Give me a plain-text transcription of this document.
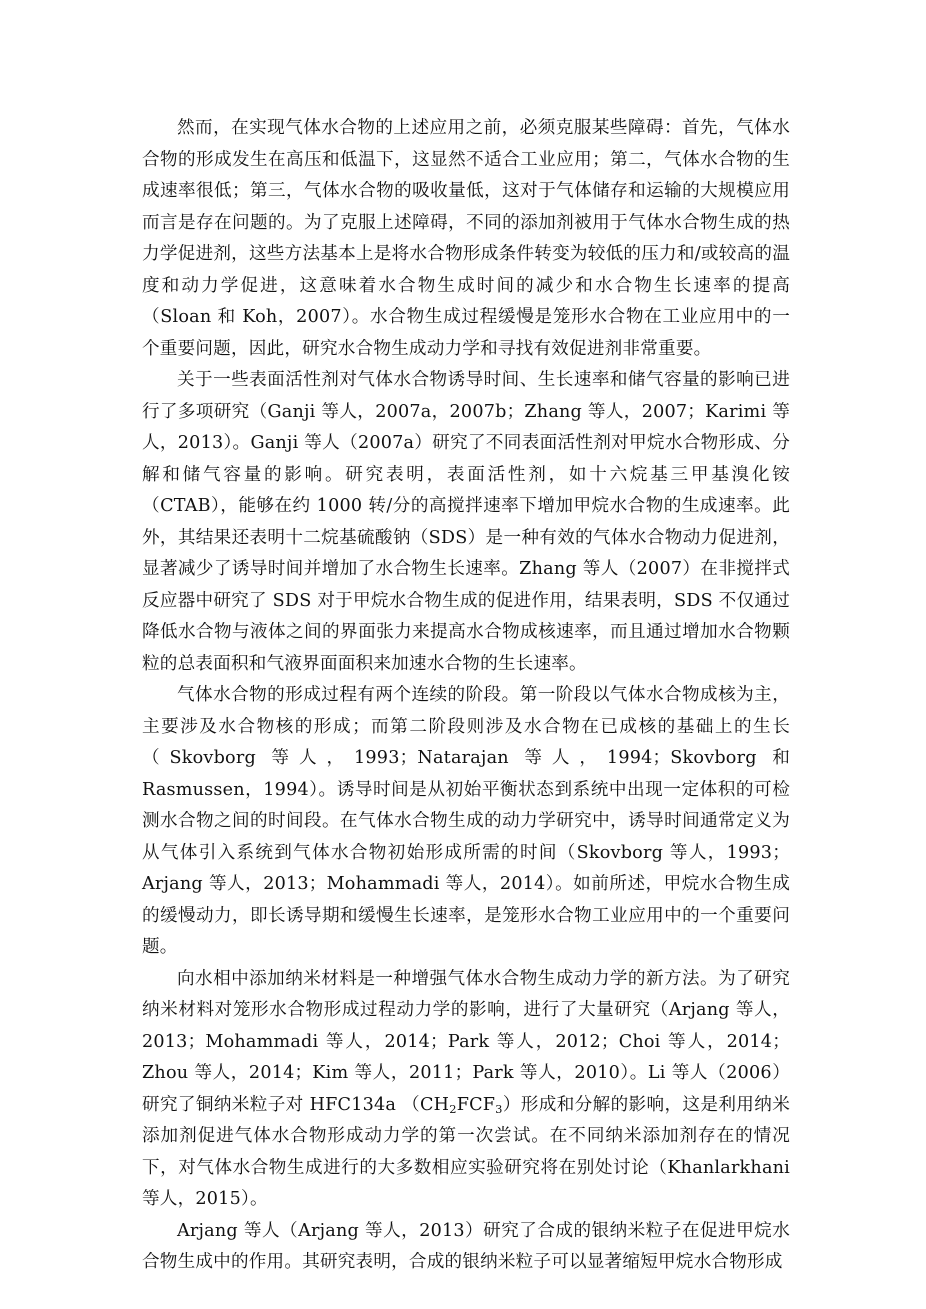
然而，在实现气体水合物的上述应用之前，必须克服某些障碍：首先，气体水合物的形成发生在高压和低温下，这显然不适合工业应用；第二，气体水合物的生成速率很低；第三，气体水合物的吸收量低，这对于气体储存和运输的大规模应用而言是存在问题的。为了克服上述障碍，不同的添加剂被用于气体水合物生成的热力学促进剂，这些方法基本上是将水合物形成条件转变为较低的压力和/或较高的温度和动力学促进，这意味着水合物生成时间的减少和水合物生长速率的提高（Sloan 和 Koh，2007）。水合物生成过程缓慢是笼形水合物在工业应用中的一个重要问题，因此，研究水合物生成动力学和寻找有效促进剂非常重要。

关于一些表面活性剂对气体水合物诱导时间、生长速率和储气容量的影响已进行了多项研究（Ganji 等人，2007a，2007b；Zhang 等人，2007；Karimi 等人，2013）。Ganji 等人（2007a）研究了不同表面活性剂对甲烷水合物形成、分解和储气容量的影响。研究表明，表面活性剂，如十六烷基三甲基溴化铵（CTAB），能够在约 1000 转/分的高搅拌速率下增加甲烷水合物的生成速率。此外，其结果还表明十二烷基硫酸钠（SDS）是一种有效的气体水合物动力促进剂，显著减少了诱导时间并增加了水合物生长速率。Zhang 等人（2007）在非搅拌式反应器中研究了 SDS 对于甲烷水合物生成的促进作用，结果表明，SDS 不仅通过降低水合物与液体之间的界面张力来提高水合物成核速率，而且通过增加水合物颗粒的总表面积和气液界面面积来加速水合物的生长速率。

气体水合物的形成过程有两个连续的阶段。第一阶段以气体水合物成核为主，主要涉及水合物核的形成；而第二阶段则涉及水合物在已成核的基础上的生长（Skovborg 等人，1993；Natarajan 等人，1994；Skovborg 和 Rasmussen，1994）。诱导时间是从初始平衡状态到系统中出现一定体积的可检测水合物之间的时间段。在气体水合物生成的动力学研究中，诱导时间通常定义为从气体引入系统到气体水合物初始形成所需的时间（Skovborg 等人，1993；Arjang 等人，2013；Mohammadi 等人，2014）。如前所述，甲烷水合物生成的缓慢动力，即长诱导期和缓慢生长速率，是笼形水合物工业应用中的一个重要问题。

向水相中添加纳米材料是一种增强气体水合物生成动力学的新方法。为了研究纳米材料对笼形水合物形成过程动力学的影响，进行了大量研究（Arjang 等人，2013；Mohammadi 等人，2014；Park 等人，2012；Choi 等人，2014；Zhou 等人，2014；Kim 等人，2011；Park 等人，2010）。Li 等人（2006）研究了铜纳米粒子对 HFC134a $(CH_2FCF_3)$形成和分解的影响，这是利用纳米添加剂促进气体水合物形成动力学的第一次尝试。在不同纳米添加剂存在的情况下，对气体水合物生成进行的大多数相应实验研究将在别处讨论（Khanlarkhani 等人，2015）。

Arjang 等人（Arjang 等人，2013）研究了合成的银纳米粒子在促进甲烷水合物生成中的作用。其研究表明，合成的银纳米粒子可以显著缩短甲烷水合物形成
